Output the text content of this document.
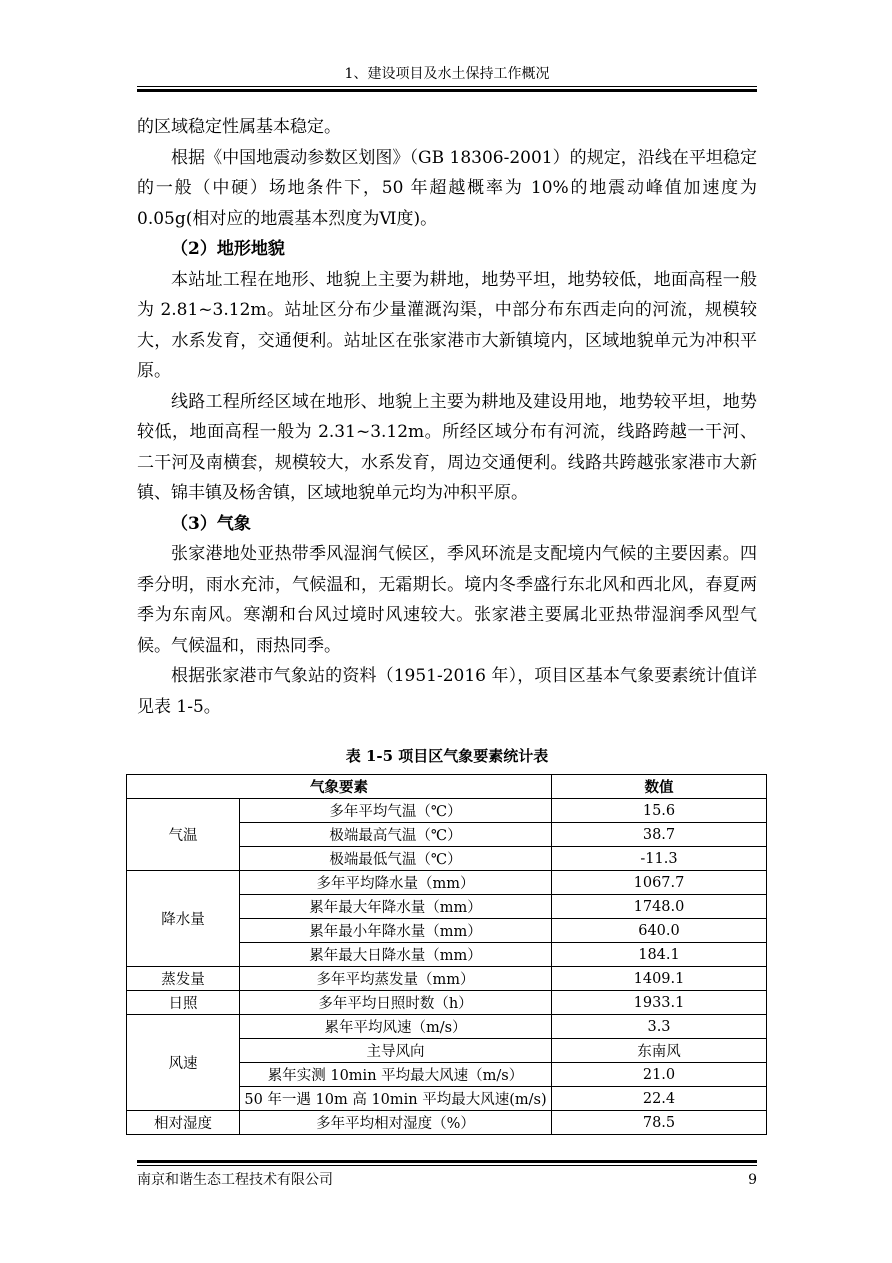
1、建设项目及水土保持工作概况

的区域稳定性属基本稳定。

根据《中国地震动参数区划图》（GB 18306-2001）的规定，沿线在平坦稳定的一般（中硬）场地条件下，50 年超越概率为 10%的地震动峰值加速度为 0.05g(相对应的地震基本烈度为Ⅵ度)。

（2）地形地貌

本站址工程在地形、地貌上主要为耕地，地势平坦，地势较低，地面高程一般为 2.81~3.12m。站址区分布少量灌溉沟渠，中部分布东西走向的河流，规模较大，水系发育，交通便利。站址区在张家港市大新镇境内，区域地貌单元为冲积平原。

线路工程所经区域在地形、地貌上主要为耕地及建设用地，地势较平坦，地势较低，地面高程一般为 2.31~3.12m。所经区域分布有河流，线路跨越一干河、二干河及南横套，规模较大，水系发育，周边交通便利。线路共跨越张家港市大新镇、锦丰镇及杨舍镇，区域地貌单元均为冲积平原。

（3）气象

张家港地处亚热带季风湿润气候区，季风环流是支配境内气候的主要因素。四季分明，雨水充沛，气候温和，无霜期长。境内冬季盛行东北风和西北风，春夏两季为东南风。寒潮和台风过境时风速较大。张家港主要属北亚热带湿润季风型气候。气候温和，雨热同季。

根据张家港市气象站的资料（1951-2016 年），项目区基本气象要素统计值详见表 1-5。

表 1-5 项目区气象要素统计表
气象要素		数值
气温	多年平均气温（℃）	15.6
	极端最高气温（℃）	38.7
	极端最低气温（℃）	-11.3
降水量	多年平均降水量（mm）	1067.7
	累年最大年降水量（mm）	1748.0
	累年最小年降水量（mm）	640.0
	累年最大日降水量（mm）	184.1
蒸发量	多年平均蒸发量（mm）	1409.1
日照	多年平均日照时数（h）	1933.1
风速	累年平均风速（m/s）	3.3
	主导风向	东南风
	累年实测 10min 平均最大风速（m/s）	21.0
	50 年一遇 10m 高 10min 平均最大风速(m/s)	22.4
相对湿度	多年平均相对湿度（%）	78.5
南京和谐生态工程技术有限公司	9
